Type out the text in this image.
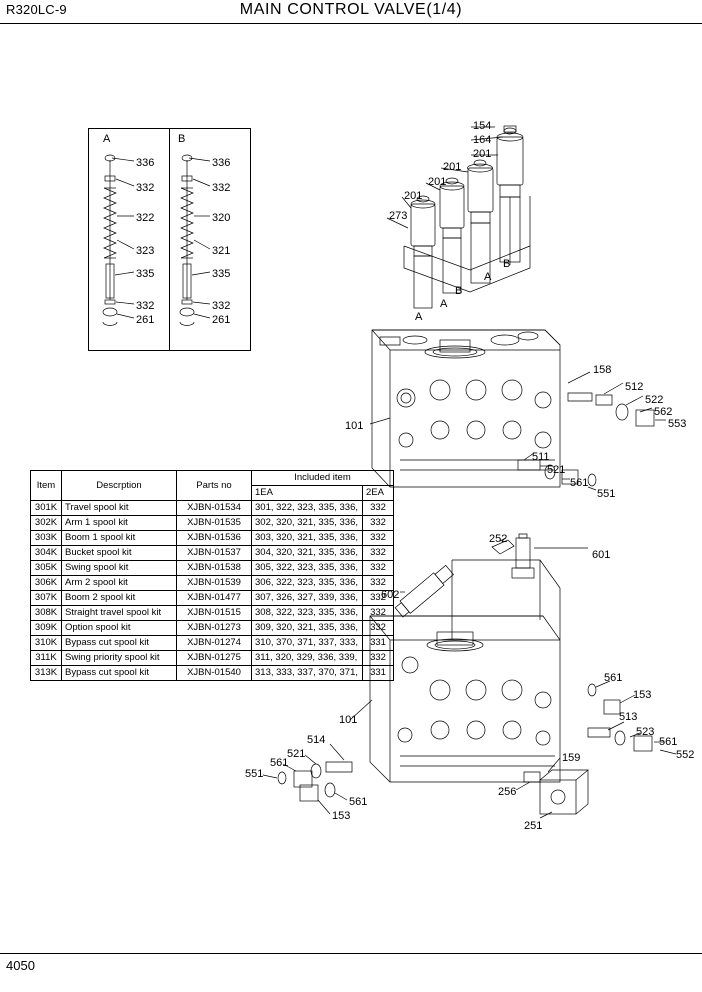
R320LC-9	MAIN CONTROL VALVE(1/4)
A	B
336
332
322
323
335
332
261
336
332
320
321
335
332
261
154
164
201
201
201
201
273
B
A
B
A
A
158
512
522
562
553
101
511
521
561
551
252
601
602
561
153
513
523
561
552
101
514
521
561
551
561
153
159
256
251
Item	Descrption	Parts no	Included item	
			1EA	2EA
301K	Travel spool kit	XJBN-01534	301, 322, 323, 335, 336,	332
302K	Arm 1 spool kit	XJBN-01535	302, 320, 321, 335, 336,	332
303K	Boom 1 spool kit	XJBN-01536	303, 320, 321, 335, 336,	332
304K	Bucket spool kit	XJBN-01537	304, 320, 321, 335, 336,	332
305K	Swing spool kit	XJBN-01538	305, 322, 323, 335, 336,	332
306K	Arm 2 spool kit	XJBN-01539	306, 322, 323, 335, 336,	332
307K	Boom 2 spool kit	XJBN-01477	307, 326, 327, 339, 336,	332
308K	Straight travel spool kit	XJBN-01515	308, 322, 323, 335, 336,	332
309K	Option spool kit	XJBN-01273	309, 320, 321, 335, 336,	332
310K	Bypass cut spool kit	XJBN-01274	310, 370, 371, 337, 333,	331
311K	Swing priority spool kit	XJBN-01275	311, 320, 329, 336, 339,	332
313K	Bypass cut spool kit	XJBN-01540	313, 333, 337, 370, 371,	331
4050
